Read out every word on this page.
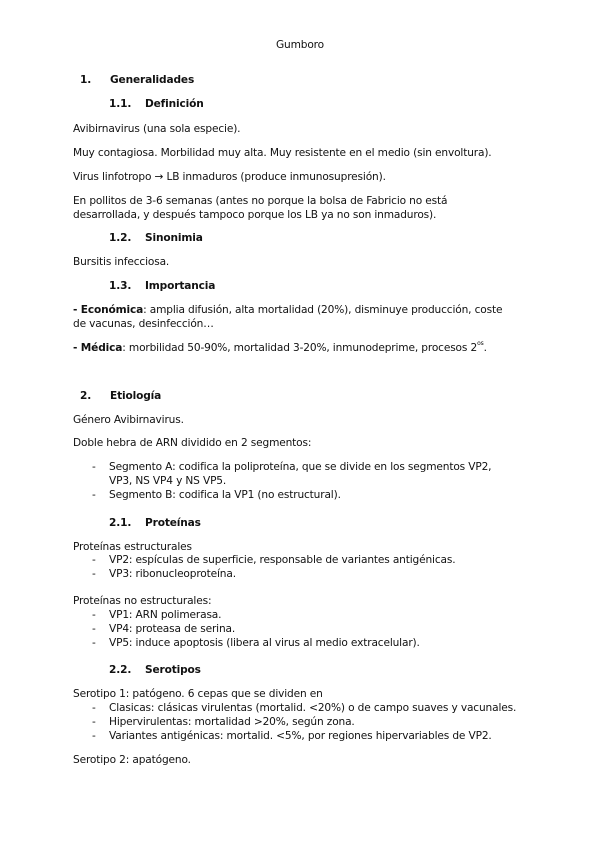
Gumboro
1. Generalidades
1.1. Definición
Avibirnavirus (una sola especie).
Muy contagiosa. Morbilidad muy alta. Muy resistente en el medio (sin envoltura).
Virus linfotropo → LB inmaduros (produce inmunosupresión).
En pollitos de 3-6 semanas (antes no porque la bolsa de Fabricio no está
desarrollada, y después tampoco porque los LB ya no son inmaduros).
1.2. Sinonimia
Bursitis infecciosa.
1.3. Importancia
- Económica: amplia difusión, alta mortalidad (20%), disminuye producción, coste
de vacunas, desinfección…
- Médica: morbilidad 50-90%, mortalidad 3-20%, inmunodeprime, procesos $2^{os}$.
2. Etiología
Género Avibirnavirus.
Doble hebra de ARN dividido en 2 segmentos:
- Segmento A: codifica la poliproteína, que se divide en los segmentos VP2,
VP3, NS VP4 y NS VP5.
- Segmento B: codifica la VP1 (no estructural).
2.1. Proteínas
Proteínas estructurales
- VP2: espículas de superficie, responsable de variantes antigénicas.
- VP3: ribonucleoproteína.
Proteínas no estructurales:
- VP1: ARN polimerasa.
- VP4: proteasa de serina.
- VP5: induce apoptosis (libera al virus al medio extracelular).
2.2. Serotipos
Serotipo 1: patógeno. 6 cepas que se dividen en
- Clasicas: clásicas virulentas (mortalid. <20%) o de campo suaves y vacunales.
- Hipervirulentas: mortalidad >20%, según zona.
- Variantes antigénicas: mortalid. <5%, por regiones hipervariables de VP2.
Serotipo 2: apatógeno.
